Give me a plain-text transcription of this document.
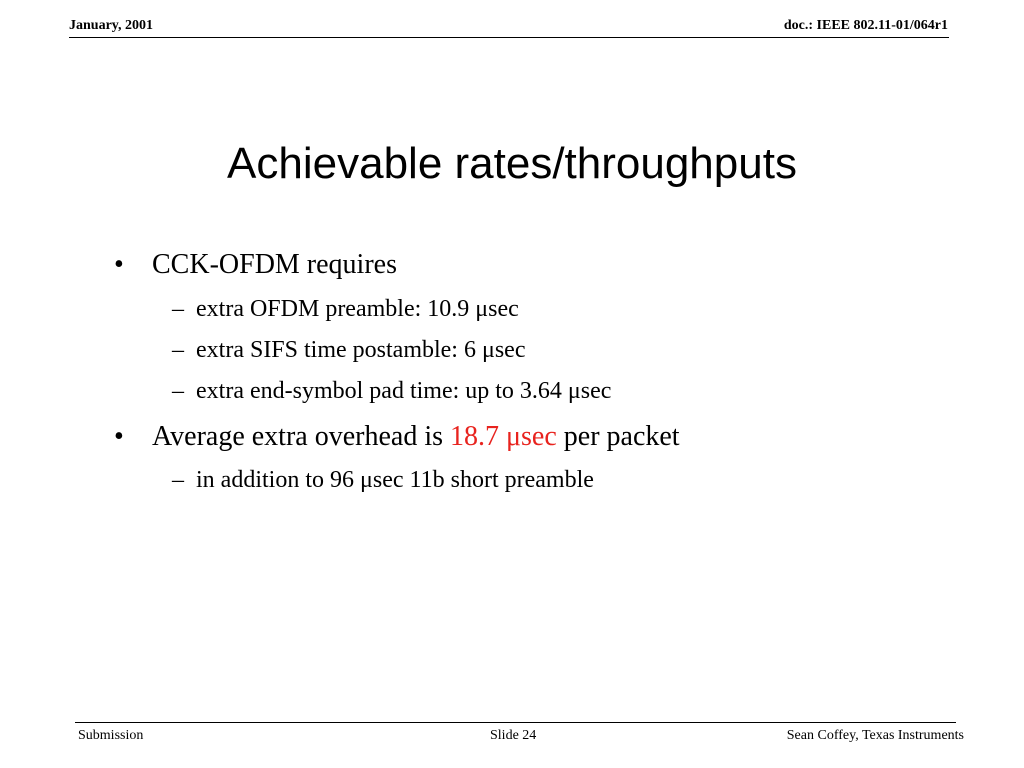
January, 2001	doc.: IEEE 802.11-01/064r1
Achievable rates/throughputs
• CCK-OFDM requires
– extra OFDM preamble: 10.9 μsec
– extra SIFS time postamble: 6 μsec
– extra end-symbol pad time: up to 3.64 μsec
• Average extra overhead is 18.7 μsec per packet
– in addition to 96 μsec 11b short preamble
Submission	Slide 24	Sean Coffey, Texas Instruments
